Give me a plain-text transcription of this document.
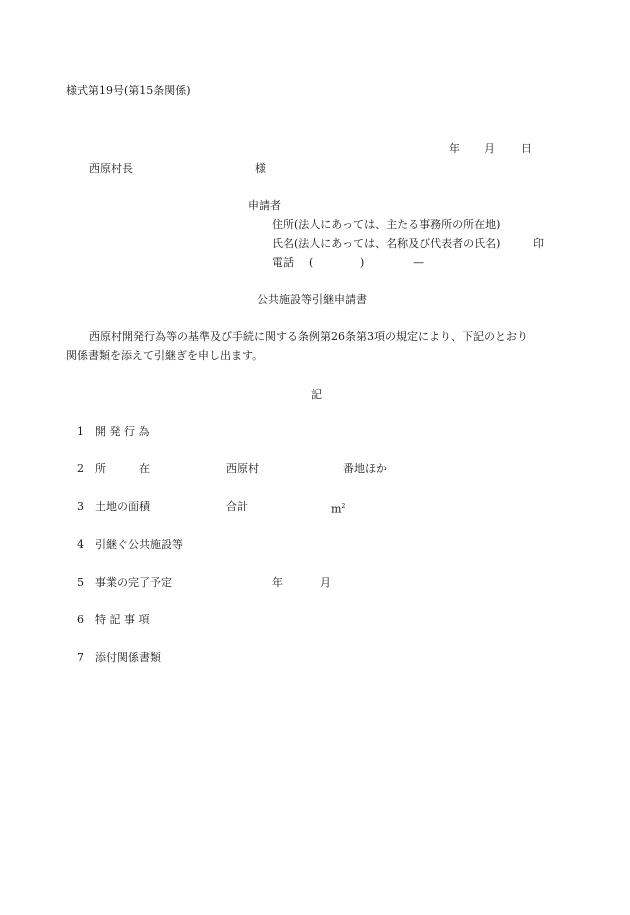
様式第19号(第15条関係)
年 月 日
西原村長	様
申請者
住所(法人にあっては、主たる事務所の所在地)
氏名(法人にあっては、名称及び代表者の氏名)	印
電話 (	)	—
公共施設等引継申請書
西原村開発行為等の基準及び手続に関する条例第26条第3項の規定により、下記のとおり
関係書類を添えて引継ぎを申し出ます。
記
1 開 発 行 為
2 所　　　在	西原村	番地ほか
3 土地の面積	合計	$m^2$
4 引継ぐ公共施設等
5 事業の完了予定	年	月
6 特 記 事 項
7 添付関係書類
